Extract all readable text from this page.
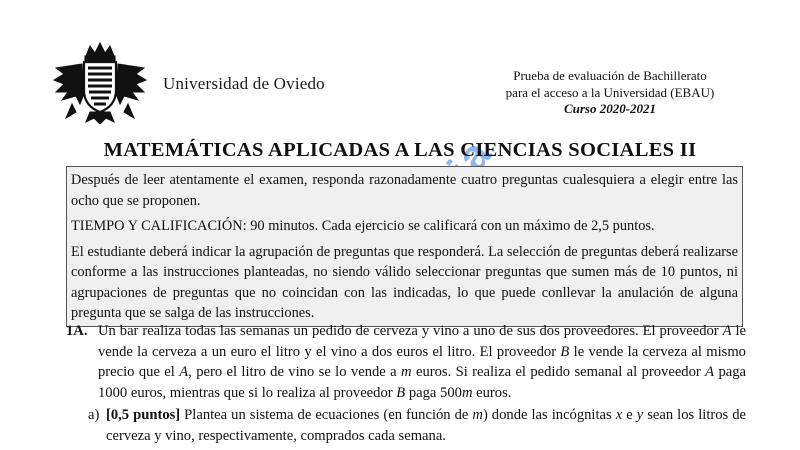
Universidad de Oviedo	Prueba de evaluación de Bachillerato
para el acceso a la Universidad (EBAU)
Curso 2020-2021
MATEMÁTICAS APLICADAS A LAS CIENCIAS SOCIALES II

Después de leer atentamente el examen, responda razonadamente cuatro preguntas cualesquiera a elegir entre las ocho que se proponen.

TIEMPO Y CALIFICACIÓN: 90 minutos. Cada ejercicio se calificará con un máximo de 2,5 puntos.

El estudiante deberá indicar la agrupación de preguntas que responderá. La selección de preguntas deberá realizarse conforme a las instrucciones planteadas, no siendo válido seleccionar preguntas que sumen más de 10 puntos, ni agrupaciones de preguntas que no coincidan con las indicadas, lo que puede conllevar la anulación de alguna pregunta que se salga de las instrucciones.

1A. Un bar realiza todas las semanas un pedido de cerveza y vino a uno de sus dos proveedores. El proveedor A le vende la cerveza a un euro el litro y el vino a dos euros el litro. El proveedor B le vende la cerveza al mismo precio que el A, pero el litro de vino se lo vende a m euros. Si realiza el pedido semanal al proveedor A paga 1000 euros, mientras que si lo realiza al proveedor B paga 500m euros.
a) [0,5 puntos] Plantea un sistema de ecuaciones (en función de m) donde las incógnitas x e y sean los litros de cerveza y vino, respectivamente, comprados cada semana.
